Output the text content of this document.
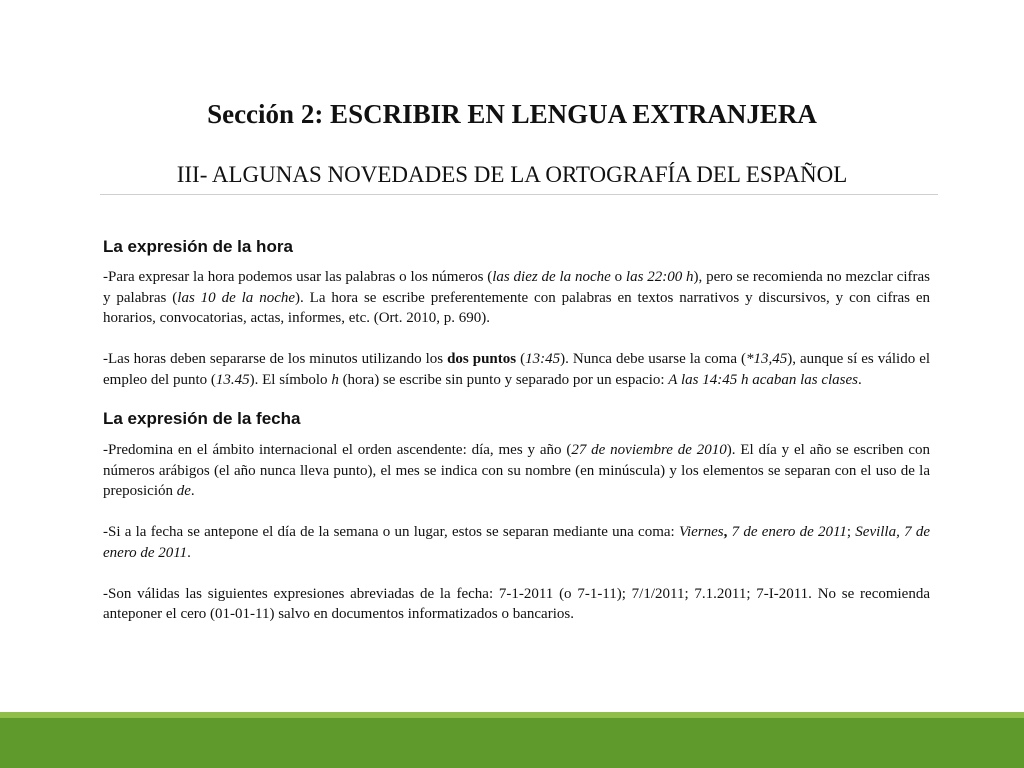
Sección 2: ESCRIBIR EN LENGUA EXTRANJERA
III- ALGUNAS NOVEDADES DE LA ORTOGRAFÍA DEL ESPAÑOL
La expresión de la hora

-Para expresar la hora podemos usar las palabras o los números (las diez de la noche o las 22:00 h), pero se recomienda no mezclar cifras y palabras (las 10 de la noche). La hora se escribe preferentemente con palabras en textos narrativos y discursivos, y con cifras en horarios, convocatorias, actas, informes, etc. (Ort. 2010, p. 690).

-Las horas deben separarse de los minutos utilizando los dos puntos (13:45). Nunca debe usarse la coma (*13,45), aunque sí es válido el empleo del punto (13.45). El símbolo h (hora) se escribe sin punto y separado por un espacio: A las 14:45 h acaban las clases.

La expresión de la fecha

-Predomina en el ámbito internacional el orden ascendente: día, mes y año (27 de noviembre de 2010). El día y el año se escriben con números arábigos (el año nunca lleva punto), el mes se indica con su nombre (en minúscula) y los elementos se separan con el uso de la preposición de.

-Si a la fecha se antepone el día de la semana o un lugar, estos se separan mediante una coma: Viernes, 7 de enero de 2011; Sevilla, 7 de enero de 2011.

-Son válidas las siguientes expresiones abreviadas de la fecha: 7-1-2011 (o 7-1-11); 7/1/2011; 7.1.2011; 7-I-2011. No se recomienda anteponer el cero (01-01-11) salvo en documentos informatizados o bancarios.
